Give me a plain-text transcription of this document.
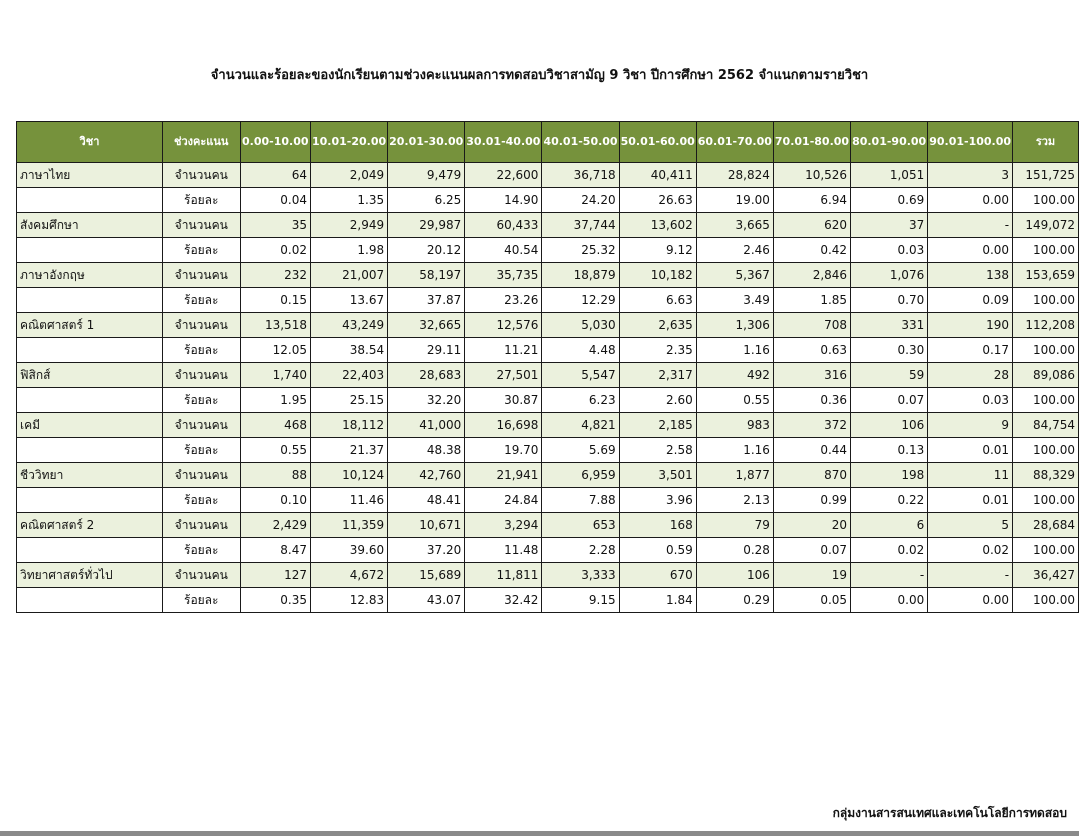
จำนวนและร้อยละของนักเรียนตามช่วงคะแนนผลการทดสอบวิชาสามัญ 9 วิชา ปีการศึกษา 2562 จำแนกตามรายวิชา
วิชา	ช่วงคะแนน	0.00-10.00	10.01-20.00	20.01-30.00	30.01-40.00	40.01-50.00	50.01-60.00	60.01-70.00	70.01-80.00	80.01-90.00	90.01-100.00	รวม
ภาษาไทย	จำนวนคน	64	2,049	9,479	22,600	36,718	40,411	28,824	10,526	1,051	3	151,725
	ร้อยละ	0.04	1.35	6.25	14.90	24.20	26.63	19.00	6.94	0.69	0.00	100.00
สังคมศึกษา	จำนวนคน	35	2,949	29,987	60,433	37,744	13,602	3,665	620	37	-	149,072
	ร้อยละ	0.02	1.98	20.12	40.54	25.32	9.12	2.46	0.42	0.03	0.00	100.00
ภาษาอังกฤษ	จำนวนคน	232	21,007	58,197	35,735	18,879	10,182	5,367	2,846	1,076	138	153,659
	ร้อยละ	0.15	13.67	37.87	23.26	12.29	6.63	3.49	1.85	0.70	0.09	100.00
คณิตศาสตร์ 1	จำนวนคน	13,518	43,249	32,665	12,576	5,030	2,635	1,306	708	331	190	112,208
	ร้อยละ	12.05	38.54	29.11	11.21	4.48	2.35	1.16	0.63	0.30	0.17	100.00
ฟิสิกส์	จำนวนคน	1,740	22,403	28,683	27,501	5,547	2,317	492	316	59	28	89,086
	ร้อยละ	1.95	25.15	32.20	30.87	6.23	2.60	0.55	0.36	0.07	0.03	100.00
เคมี	จำนวนคน	468	18,112	41,000	16,698	4,821	2,185	983	372	106	9	84,754
	ร้อยละ	0.55	21.37	48.38	19.70	5.69	2.58	1.16	0.44	0.13	0.01	100.00
ชีววิทยา	จำนวนคน	88	10,124	42,760	21,941	6,959	3,501	1,877	870	198	11	88,329
	ร้อยละ	0.10	11.46	48.41	24.84	7.88	3.96	2.13	0.99	0.22	0.01	100.00
คณิตศาสตร์ 2	จำนวนคน	2,429	11,359	10,671	3,294	653	168	79	20	6	5	28,684
	ร้อยละ	8.47	39.60	37.20	11.48	2.28	0.59	0.28	0.07	0.02	0.02	100.00
วิทยาศาสตร์ทั่วไป	จำนวนคน	127	4,672	15,689	11,811	3,333	670	106	19	-	-	36,427
	ร้อยละ	0.35	12.83	43.07	32.42	9.15	1.84	0.29	0.05	0.00	0.00	100.00
กลุ่มงานสารสนเทศและเทคโนโลยีการทดสอบ
